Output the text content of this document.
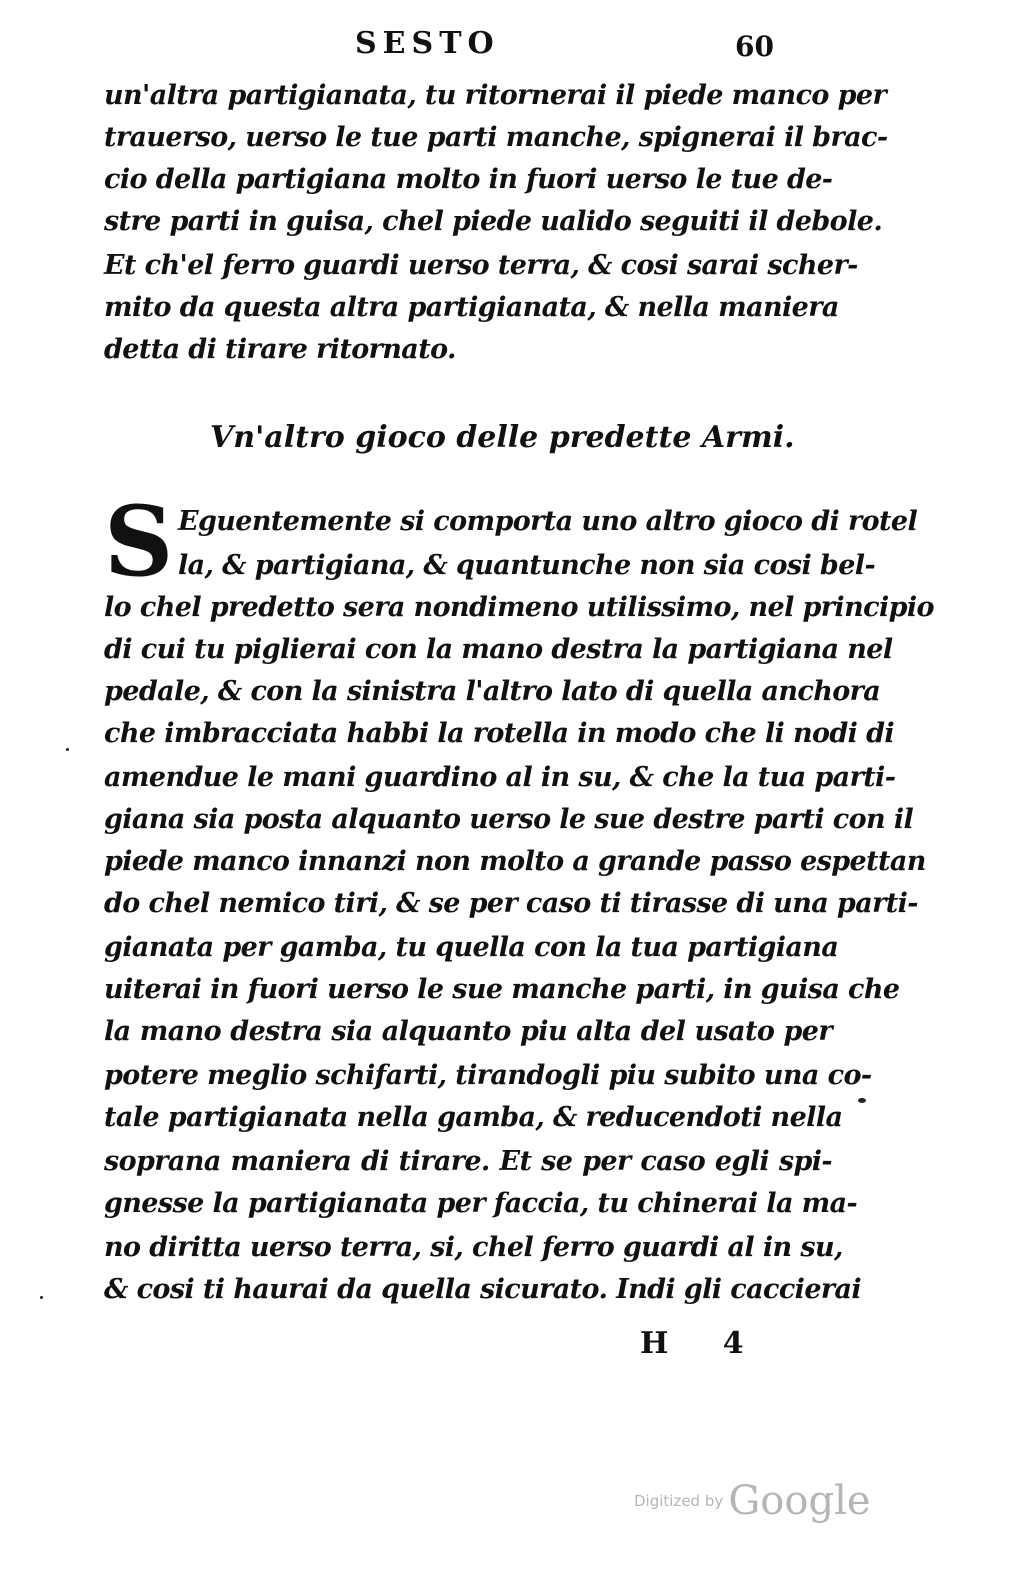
SESTO	60
un'altra partigianata, tu ritornerai il piede manco per
trauerso, uerso le tue parti manche, spignerai il brac-
cio della partigiana molto in fuori uerso le tue de-
stre parti in guisa, chel piede ualido seguiti il debole.
Et ch'el ferro guardi uerso terra, & cosi sarai scher-
mito da questa altra partigianata, & nella maniera
detta di tirare ritornato.
Vn'altro gioco delle predette Armi.
S Eguentemente si comporta uno altro gioco di rotel
la, & partigiana, & quantunche non sia cosi bel-
lo chel predetto sera nondimeno utilissimo, nel principio
di cui tu piglierai con la mano destra la partigiana nel
pedale, & con la sinistra l'altro lato di quella anchora
che imbracciata habbi la rotella in modo che li nodi di
amendue le mani guardino al in su, & che la tua parti-
giana sia posta alquanto uerso le sue destre parti con il
piede manco innanzi non molto a grande passo espettan
do chel nemico tiri, & se per caso ti tirasse di una parti-
gianata per gamba, tu quella con la tua partigiana
uiterai in fuori uerso le sue manche parti, in guisa che
la mano destra sia alquanto piu alta del usato per
potere meglio schifarti, tirandogli piu subito una co-
tale partigianata nella gamba, & reducendoti nella
soprana maniera di tirare. Et se per caso egli spi-
gnesse la partigianata per faccia, tu chinerai la ma-
no diritta uerso terra, si, chel ferro guardi al in su,
& cosi ti haurai da quella sicurato. Indi gli caccierai
H 4
Digitized by Google
